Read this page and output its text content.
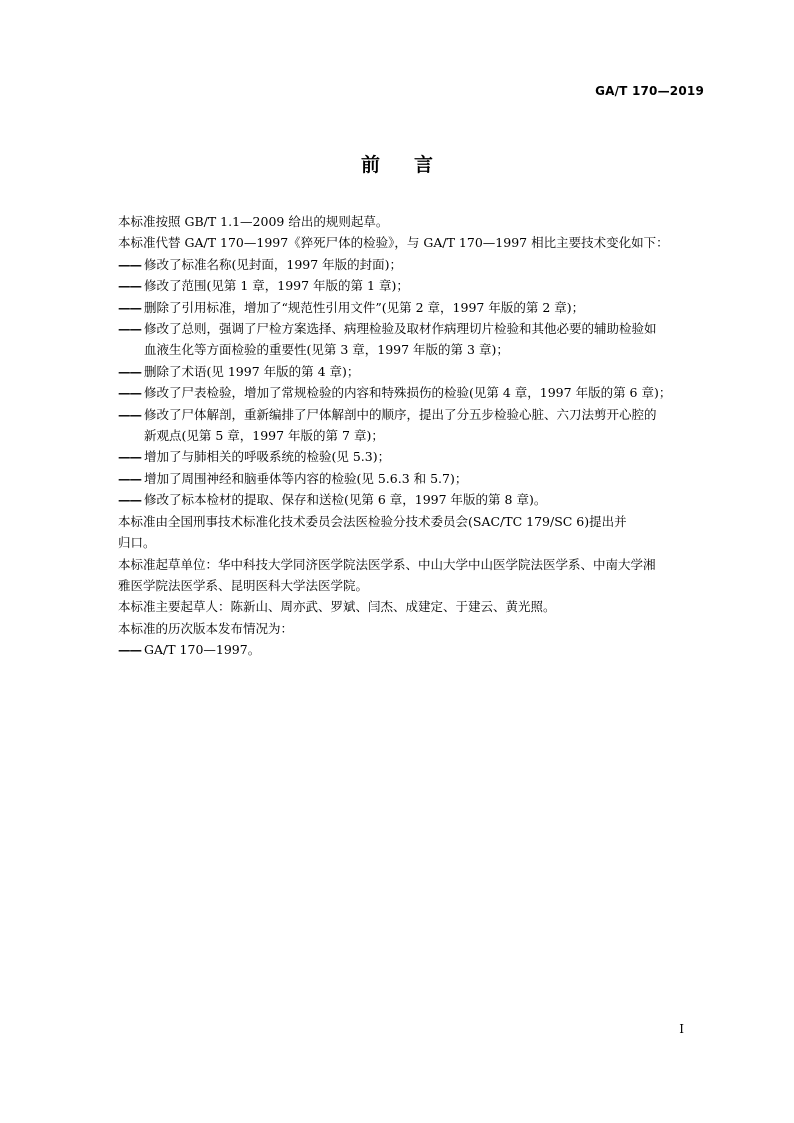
GA/T 170—2019
前言
本标准按照 GB/T 1.1—2009 给出的规则起草。
本标准代替 GA/T 170—1997《猝死尸体的检验》，与 GA/T 170—1997 相比主要技术变化如下：
—— 修改了标准名称(见封面，1997 年版的封面)；
—— 修改了范围(见第 1 章，1997 年版的第 1 章)；
—— 删除了引用标准，增加了“规范性引用文件”(见第 2 章，1997 年版的第 2 章)；
—— 修改了总则，强调了尸检方案选择、病理检验及取材作病理切片检验和其他必要的辅助检验如
血液生化等方面检验的重要性(见第 3 章，1997 年版的第 3 章)；
—— 删除了术语(见 1997 年版的第 4 章)；
—— 修改了尸表检验，增加了常规检验的内容和特殊损伤的检验(见第 4 章，1997 年版的第 6 章)；
—— 修改了尸体解剖，重新编排了尸体解剖中的顺序，提出了分五步检验心脏、六刀法剪开心腔的
新观点(见第 5 章，1997 年版的第 7 章)；
—— 增加了与肺相关的呼吸系统的检验(见 5.3)；
—— 增加了周围神经和脑垂体等内容的检验(见 5.6.3 和 5.7)；
—— 修改了标本检材的提取、保存和送检(见第 6 章，1997 年版的第 8 章)。
本标准由全国刑事技术标准化技术委员会法医检验分技术委员会(SAC/TC 179/SC 6)提出并
归口。
本标准起草单位：华中科技大学同济医学院法医学系、中山大学中山医学院法医学系、中南大学湘
雅医学院法医学系、昆明医科大学法医学院。
本标准主要起草人：陈新山、周亦武、罗斌、闫杰、成建定、于建云、黄光照。
本标准的历次版本发布情况为：
—— GA/T 170—1997。
I
